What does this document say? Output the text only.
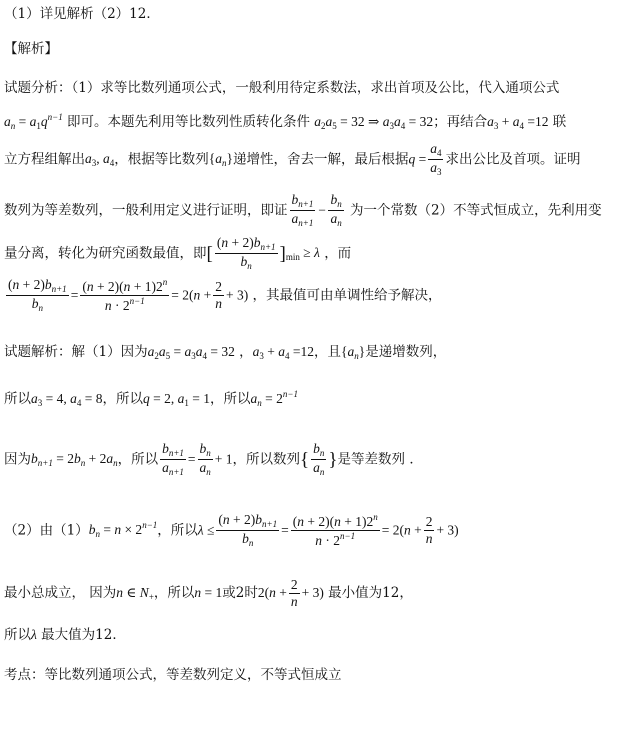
（1）详见解析（2）12．
【解析】
试题分析：（1）求等比数列通项公式，一般利用待定系数法，求出首项及公比，代入通项公式
$a_n = a_1q^{n-1}$ 即可。本题先利用等比数列性质转化条件 $a_2a_5 = 32$ ⇒ $a_3a_4 = 32$；再结合$a_3 + a_4 =12$ 联
立方程组解出$a_3$, $a_4$，根据等比数列$\{a_n\}$递增性，舍去一解，最后根据$q = \frac{a_4}{a_3}$ 求出公比及首项。证明
数列为等差数列，一般利用定义进行证明，即证 $\frac{b_{n+1}}{a_{n+1}} - \frac{b_n}{a_n}$ 为一个常数（2）不等式恒成立，先利用变
量分离，转化为研究函数最值，即[ $\frac{(n + 2)b_{n+1}}{b_n} ]_{min} \ge \lambda$ ，而
$\frac{(n + 2)b_{n+1}}{b_n} = \frac{(n + 2)(n + 1)2^n}{n \cdot 2^{n-1}} = 2(n + \frac{2}{n} + 3)$ ，其最值可由单调性给予解决，
试题解析：解（1）因为$a_2a_5 = a_3a_4 = 32$ ，$a_3 + a_4 =12$，且$\{a_n\}$是递增数列，
所以$a_3 = 4$, $a_4 = 8$，所以q = 2, $a_1 = 1$，所以$a_n = 2^{n-1}$
因为$b_{n+1} = 2b_n + 2a_n$，所以 $\frac{b_{n+1}}{a_{n+1}} = \frac{b_n}{a_n} + 1$，所以数列{ $\frac{b_n}{a_n}$ }是等差数列 ．
（2）由$(1)b_n = n \times 2^{n-1}$，所以$\lambda \le \frac{(n + 2)b_{n+1}}{b_n} = \frac{(n + 2)(n + 1)2^n}{n \cdot 2^{n-1}} = 2(n + \frac{2}{n} + 3)$
最小总成立， 因为n ∈ $N_+$，所以n = 1或2时$2(n + \frac{2}{n} + 3)$ 最小值为12，
所以λ 最大值为12．
考点：等比数列通项公式，等差数列定义，不等式恒成立
